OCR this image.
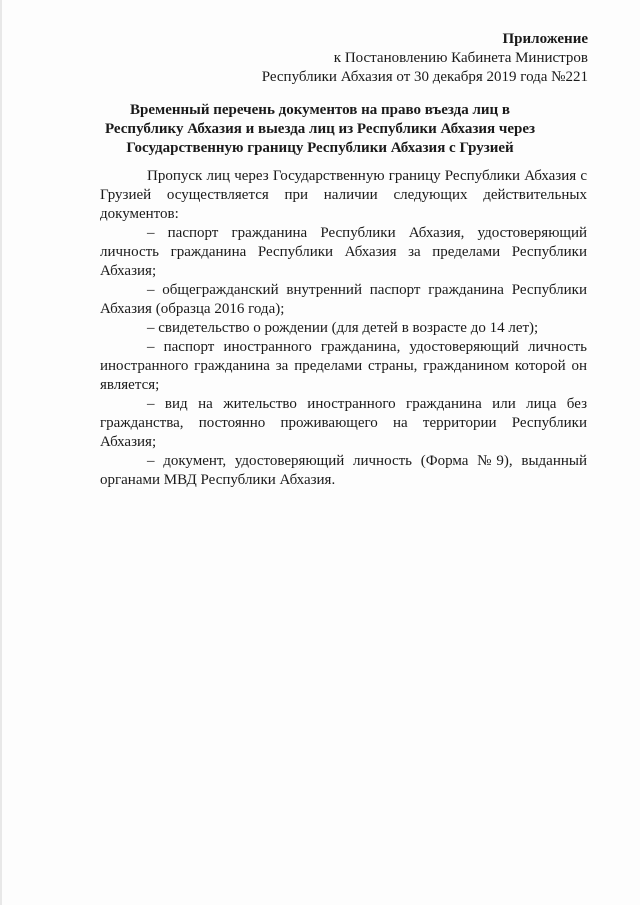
Приложение
к Постановлению Кабинета Министров
Республики Абхазия от 30 декабря 2019 года №221
Временный перечень документов на право въезда лиц в
Республику Абхазия и выезда лиц из Республики Абхазия через
Государственную границу Республики Абхазия с Грузией

Пропуск лиц через Государственную границу Республики Абхазия с Грузией осуществляется при наличии следующих действительных документов:

– паспорт гражданина Республики Абхазия, удостоверяющий личность гражданина Республики Абхазия за пределами Республики Абхазия;

– общегражданский внутренний паспорт гражданина Республики Абхазия (образца 2016 года);

– свидетельство о рождении (для детей в возрасте до 14 лет);

– паспорт иностранного гражданина, удостоверяющий личность иностранного гражданина за пределами страны, гражданином которой он является;

– вид на жительство иностранного гражданина или лица без гражданства, постоянно проживающего на территории Республики Абхазия;

– документ, удостоверяющий личность (Форма №9), выданный органами МВД Республики Абхазия.
